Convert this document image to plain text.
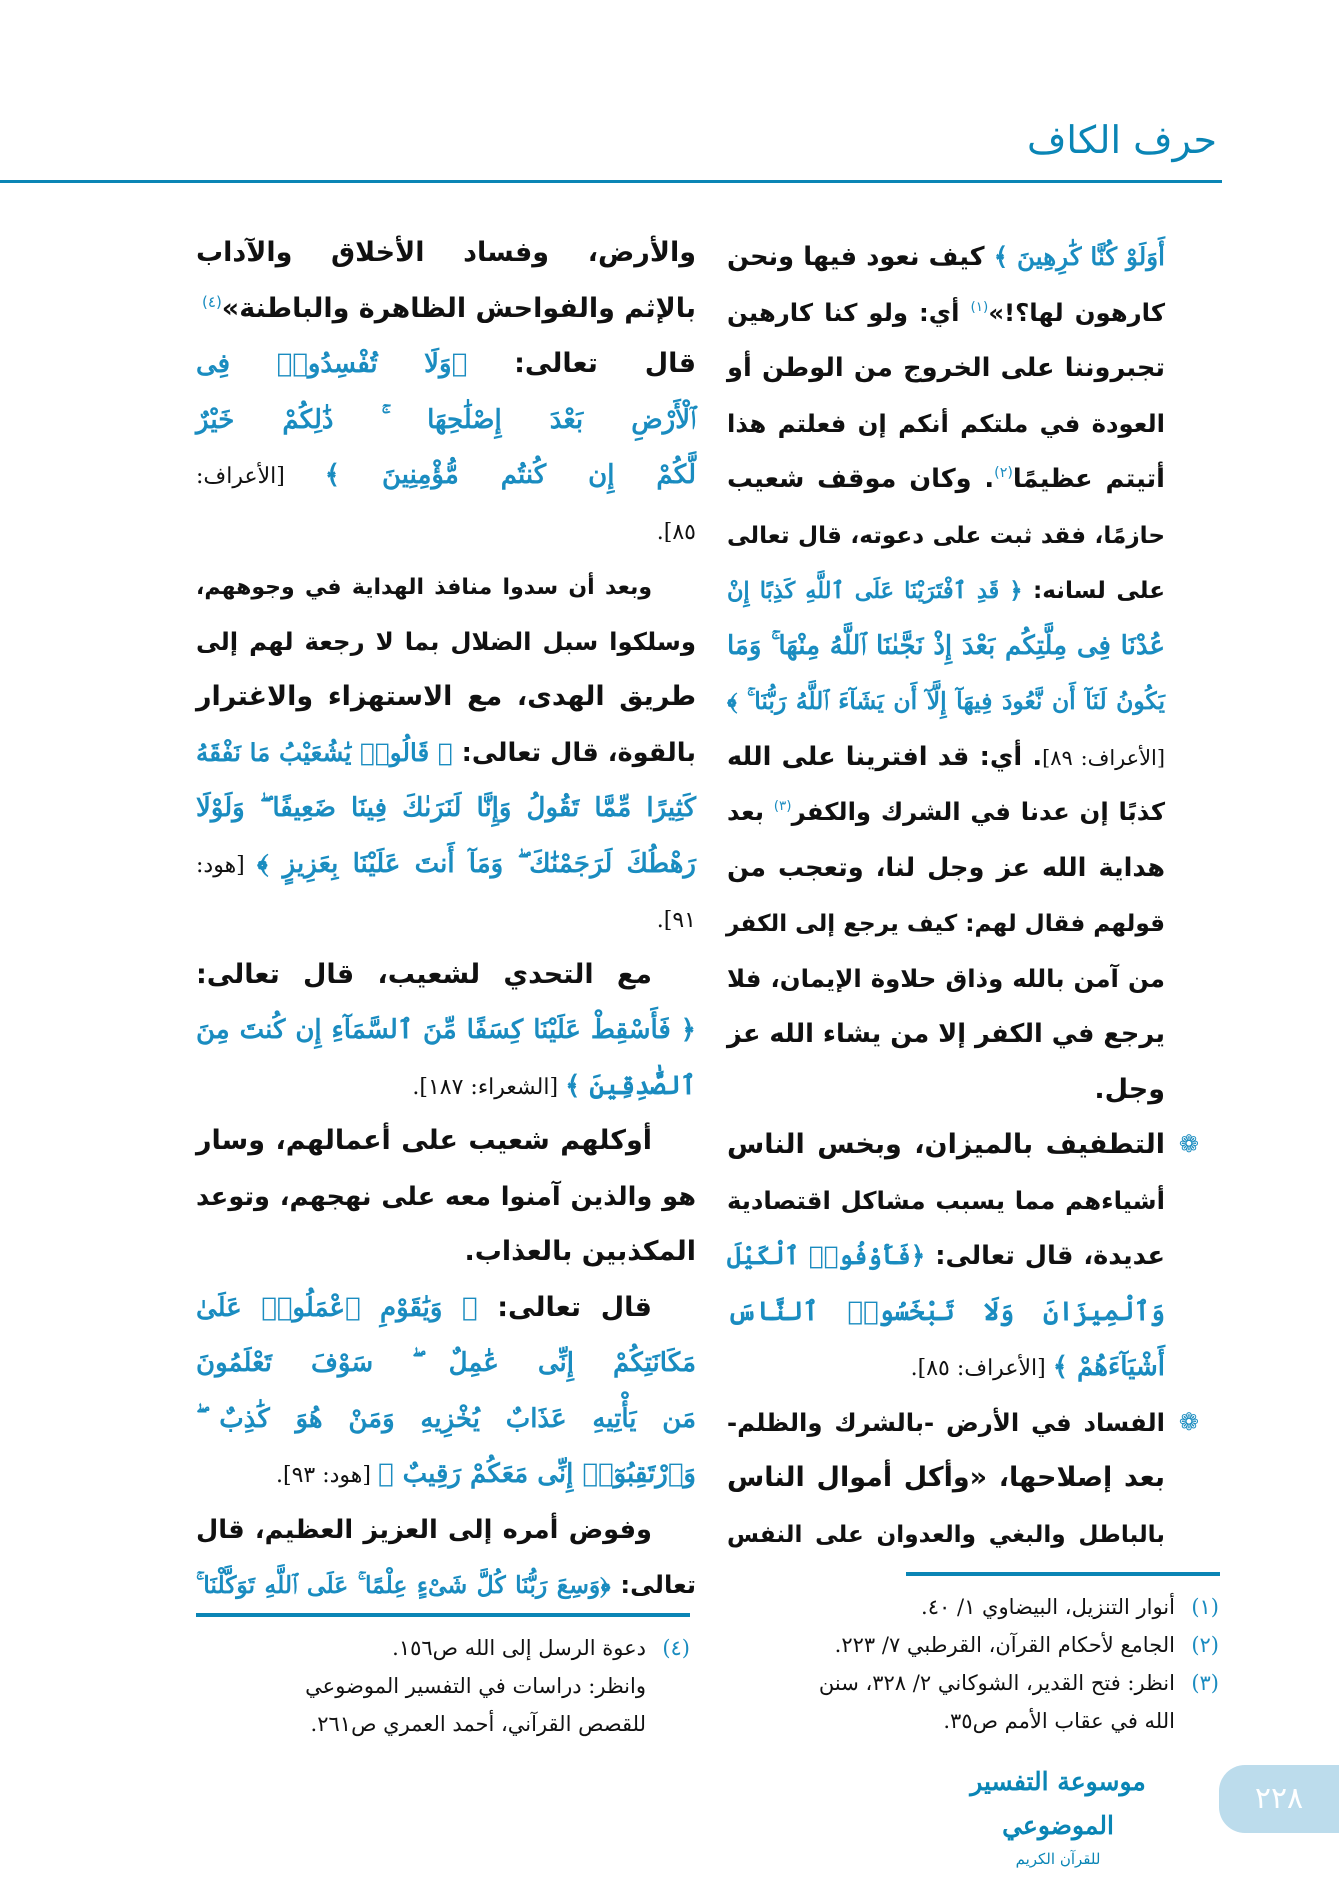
حرف الكاف
أَوَلَوْ كُنَّا كَٰرِهِينَ ﴾ كيف نعود فيها ونحن
كارهون لها؟!»$^{(١)}$ أي: ولو كنا كارهين
تجبروننا على الخروج من الوطن أو
العودة في ملتكم أنكم إن فعلتم هذا
أتيتم عظيمًا$^{(٢)}$. وكان موقف شعيب
حازمًا، فقد ثبت على دعوته، قال تعالى
على لسانه: ﴿ قَدِ ٱفْتَرَيْنَا عَلَى ٱللَّهِ كَذِبًا إِنْ
عُدْنَا فِى مِلَّتِكُم بَعْدَ إِذْ نَجَّىٰنَا ٱللَّهُ مِنْهَا ۚ وَمَا
يَكُونُ لَنَآ أَن نَّعُودَ فِيهَآ إِلَّآ أَن يَشَآءَ ٱللَّهُ رَبُّنَا ۚ ﴾
[الأعراف: ٨٩]. أي: قد افترينا على الله
كذبًا إن عدنا في الشرك والكفر$^{(٣)}$ بعد
هداية الله عز وجل لنا، وتعجب من
قولهم فقال لهم: كيف يرجع إلى الكفر
من آمن بالله وذاق حلاوة الإيمان، فلا
يرجع في الكفر إلا من يشاء الله عز
وجل.
❁
التطفيف بالميزان، وبخس الناس
أشياءهم مما يسبب مشاكل اقتصادية
عديدة، قال تعالى: ﴿فَأَوْفُوا۟ ٱلْكَيْلَ
وَٱلْمِيزَانَ وَلَا تَبْخَسُوا۟ ٱلنَّاسَ
أَشْيَآءَهُمْ ﴾ [الأعراف: ٨٥].
❁
الفساد في الأرض -بالشرك والظلم-
بعد إصلاحها، «وأكل أموال الناس
بالباطل والبغي والعدوان على النفس
والأرض، وفساد الأخلاق والآداب
بالإثم والفواحش الظاهرة والباطنة»$^{(٤)}$
قال تعالى: ﴿وَلَا تُفْسِدُوا۟ فِى
ٱلْأَرْضِ بَعْدَ إِصْلَٰحِهَا ۚ ذَٰلِكُمْ خَيْرٌ
لَّكُمْ إِن كُنتُم مُّؤْمِنِينَ ﴾ [الأعراف:
٨٥].
وبعد أن سدوا منافذ الهداية في وجوههم،
وسلكوا سبل الضلال بما لا رجعة لهم إلى
طريق الهدى، مع الاستهزاء والاغترار
بالقوة، قال تعالى: ﴿ قَالُوا۟ يَٰشُعَيْبُ مَا نَفْقَهُ
كَثِيرًا مِّمَّا تَقُولُ وَإِنَّا لَنَرَىٰكَ فِينَا ضَعِيفًا ۖ وَلَوْلَا
رَهْطُكَ لَرَجَمْنَٰكَ ۖ وَمَآ أَنتَ عَلَيْنَا بِعَزِيزٍ ﴾ [هود:
٩١].
مع التحدي لشعيب، قال تعالى:
﴿ فَأَسْقِطْ عَلَيْنَا كِسَفًا مِّنَ ٱلسَّمَآءِ إِن كُنتَ مِنَ
ٱلصَّٰدِقِينَ ﴾ [الشعراء: ١٨٧].
أوكلهم شعيب على أعمالهم، وسار
هو والذين آمنوا معه على نهجهم، وتوعد
المكذبين بالعذاب.
قال تعالى: ﴿ وَيَٰقَوْمِ ٱعْمَلُوا۟ عَلَىٰ
مَكَانَتِكُمْ إِنِّى عَٰمِلٌ ۖ سَوْفَ تَعْلَمُونَ
مَن يَأْتِيهِ عَذَابٌ يُخْزِيهِ وَمَنْ هُوَ كَٰذِبٌ ۖ
وَٱرْتَقِبُوٓا۟ إِنِّى مَعَكُمْ رَقِيبٌ ﴾ [هود: ٩٣].
وفوض أمره إلى العزيز العظيم، قال
تعالى: ﴿وَسِعَ رَبُّنَا كُلَّ شَىْءٍ عِلْمًا ۚ عَلَى ٱللَّهِ تَوَكَّلْنَا ۚ
(١)أنوار التنزيل، البيضاوي ١/ ٤٠.
(٢)الجامع لأحكام القرآن، القرطبي ٧/ ٢٢٣.
(٣)انظر: فتح القدير، الشوكاني ٢/ ٣٢٨، سنن
الله في عقاب الأمم ص٣٥.
(٤)دعوة الرسل إلى الله ص١٥٦.
وانظر: دراسات في التفسير الموضوعي
للقصص القرآني، أحمد العمري ص٢٦١.
موسوعة التفسير الموضوعي
للقرآن الكريم
٢٢٨
